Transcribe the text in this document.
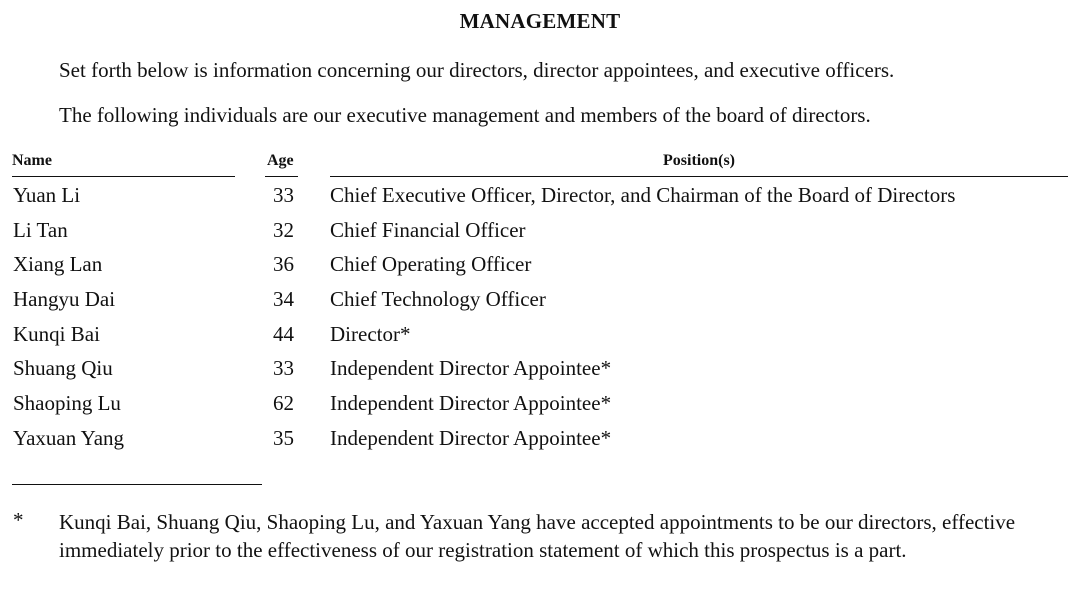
MANAGEMENT
Set forth below is information concerning our directors, director appointees, and executive officers.
The following individuals are our executive management and members of the board of directors.
Name	Age	Position(s)
Yuan Li	33 Chief Executive Officer, Director, and Chairman of the Board of Directors
Li Tan	32 Chief Financial Officer
Xiang Lan	36 Chief Operating Officer
Hangyu Dai	34 Chief Technology Officer
Kunqi Bai	44 Director*
Shuang Qiu	33 Independent Director Appointee*
Shaoping Lu	62 Independent Director Appointee*
Yaxuan Yang	35 Independent Director Appointee*
* Kunqi Bai, Shuang Qiu, Shaoping Lu, and Yaxuan Yang have accepted appointments to be our directors, effective immediately prior to the effectiveness of our registration statement of which this prospectus is a part.
